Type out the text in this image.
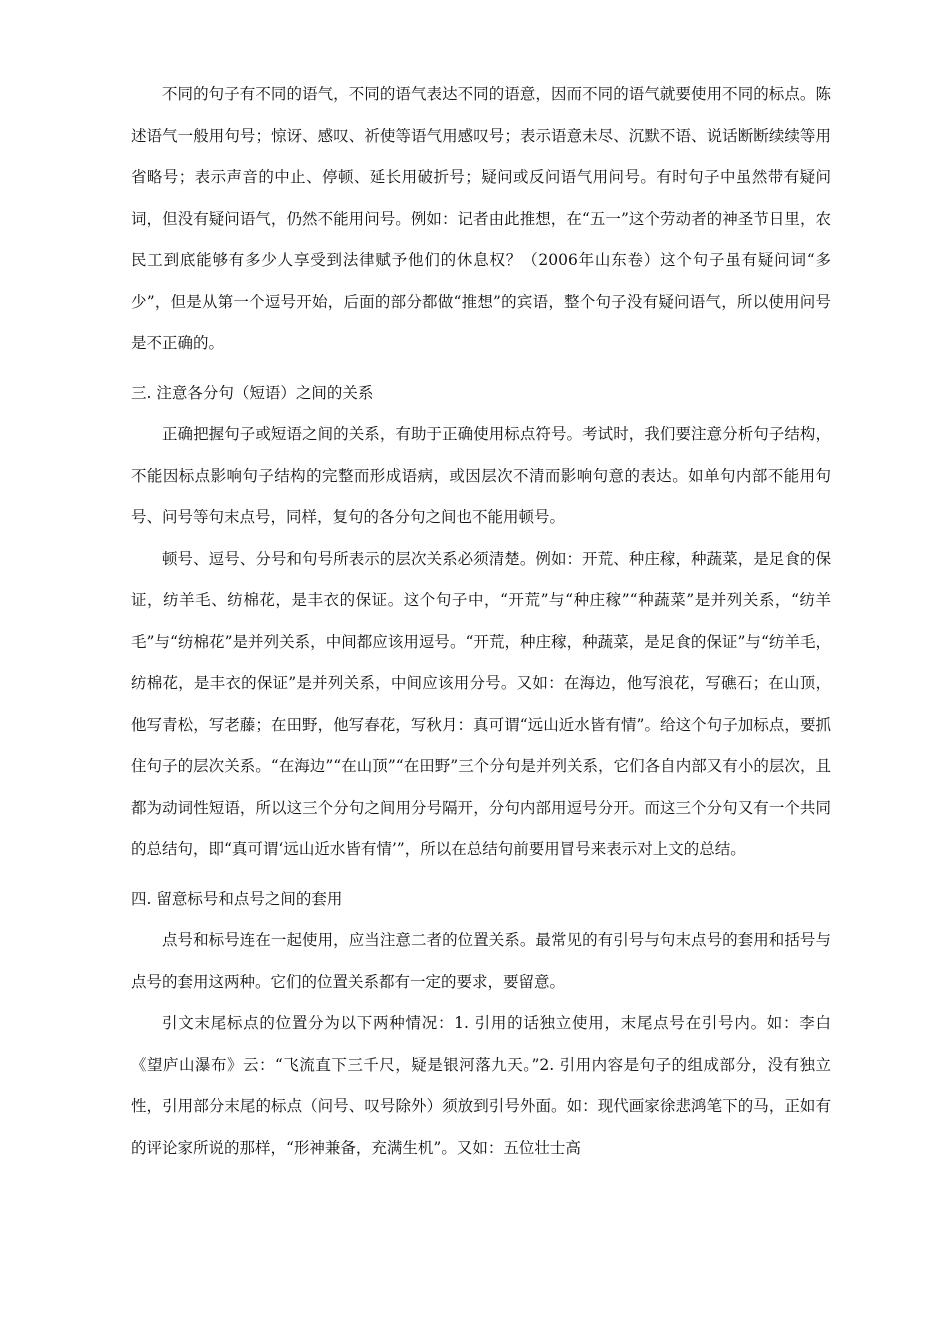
不同的句子有不同的语气，不同的语气表达不同的语意，因而不同的语气就要使用不同的标点。陈述语气一般用句号；惊讶、感叹、祈使等语气用感叹号；表示语意未尽、沉默不语、说话断断续续等用省略号；表示声音的中止、停顿、延长用破折号；疑问或反问语气用问号。有时句子中虽然带有疑问词，但没有疑问语气，仍然不能用问号。例如：记者由此推想，在“五一”这个劳动者的神圣节日里，农民工到底能够有多少人享受到法律赋予他们的休息权？（2006年山东卷）这个句子虽有疑问词“多少”，但是从第一个逗号开始，后面的部分都做“推想”的宾语，整个句子没有疑问语气，所以使用问号是不正确的。

三. 注意各分句（短语）之间的关系

正确把握句子或短语之间的关系，有助于正确使用标点符号。考试时，我们要注意分析句子结构，不能因标点影响句子结构的完整而形成语病，或因层次不清而影响句意的表达。如单句内部不能用句号、问号等句末点号，同样，复句的各分句之间也不能用顿号。

顿号、逗号、分号和句号所表示的层次关系必须清楚。例如：开荒、种庄稼，种蔬菜，是足食的保证，纺羊毛、纺棉花，是丰衣的保证。这个句子中，“开荒”与“种庄稼”“种蔬菜”是并列关系，“纺羊毛”与“纺棉花”是并列关系，中间都应该用逗号。“开荒，种庄稼，种蔬菜，是足食的保证”与“纺羊毛，纺棉花，是丰衣的保证”是并列关系，中间应该用分号。又如：在海边，他写浪花，写礁石；在山顶，他写青松，写老藤；在田野，他写春花，写秋月：真可谓“远山近水皆有情”。给这个句子加标点，要抓住句子的层次关系。“在海边”“在山顶”“在田野”三个分句是并列关系，它们各自内部又有小的层次，且都为动词性短语，所以这三个分句之间用分号隔开，分句内部用逗号分开。而这三个分句又有一个共同的总结句，即“真可谓‘远山近水皆有情’”，所以在总结句前要用冒号来表示对上文的总结。

四. 留意标号和点号之间的套用

点号和标号连在一起使用，应当注意二者的位置关系。最常见的有引号与句末点号的套用和括号与点号的套用这两种。它们的位置关系都有一定的要求，要留意。

引文末尾标点的位置分为以下两种情况：1. 引用的话独立使用，末尾点号在引号内。如：李白《望庐山瀑布》云：“飞流直下三千尺，疑是银河落九天。”2. 引用内容是句子的组成部分，没有独立性，引用部分末尾的标点（问号、叹号除外）须放到引号外面。如：现代画家徐悲鸿笔下的马，正如有的评论家所说的那样，“形神兼备，充满生机”。又如：五位壮士高
